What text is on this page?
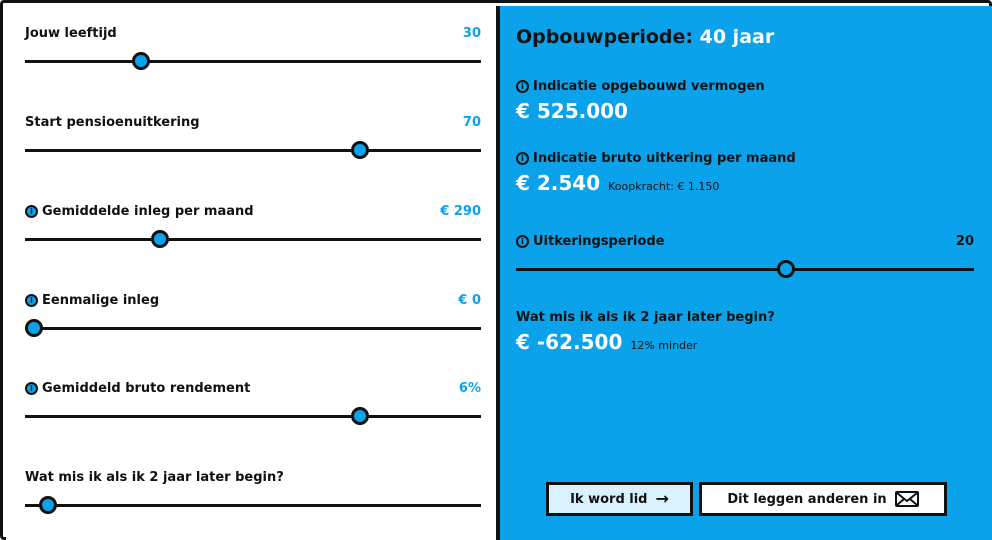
Jouw leeftijd	30
Start pensioenuitkering	70
i Gemiddelde inleg per maand	€ 290
i Eenmalige inleg	€ 0
i Gemiddeld bruto rendement	6%
Wat mis ik als ik 2 jaar later begin?
Opbouwperiode: 40 jaar
i Indicatie opgebouwd vermogen
€ 525.000
i Indicatie bruto uitkering per maand
€ 2.540 Koopkracht: € 1.150
i Uitkeringsperiode	20
Wat mis ik als ik 2 jaar later begin?
€ -62.500 12% minder
Ik word lid →	Dit leggen anderen in
